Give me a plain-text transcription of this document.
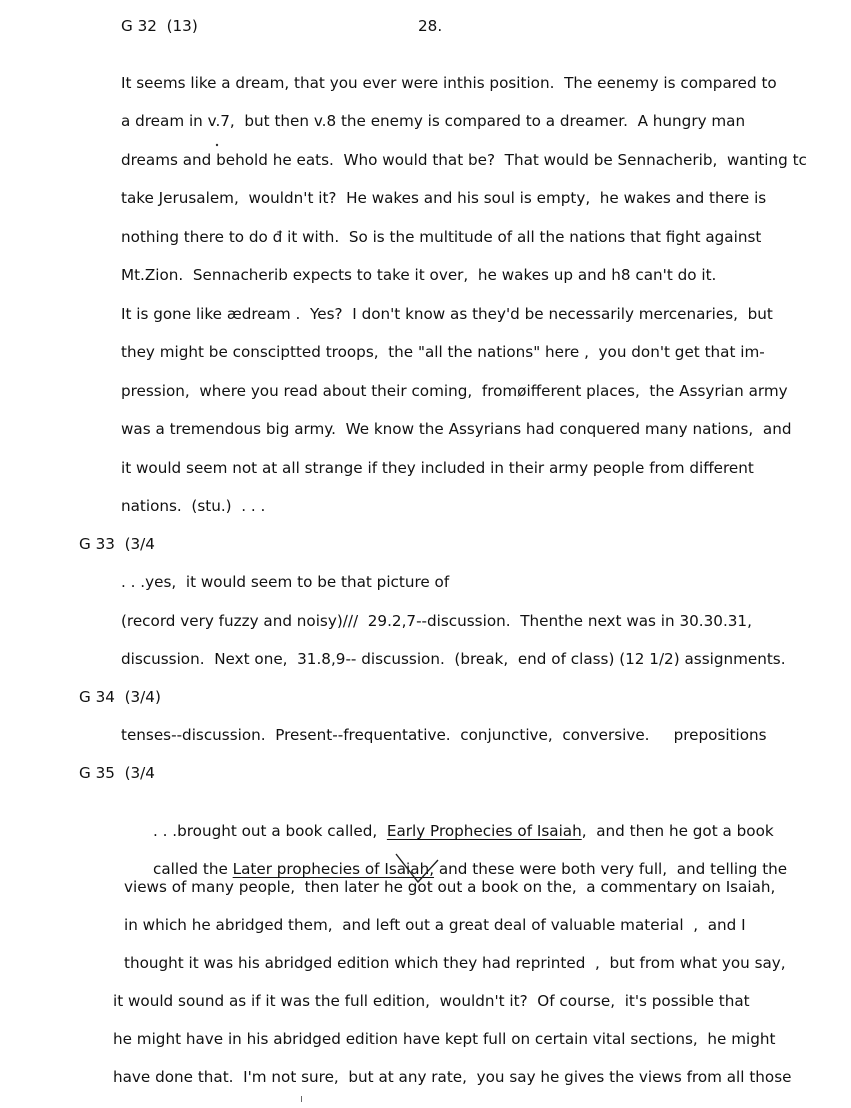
G 32  (13)	28.
It seems like a dream, that you ever were inthis position.  The eenemy is compared to
a dream in v.7,  but then v.8 the enemy is compared to a dreamer.  A hungry man
dreams and behold he eats.  Who would that be?  That would be Sennacherib,  wanting tc
take Jerusalem,  wouldn't it?  He wakes and his soul is empty,  he wakes and there is
nothing there to do đ it with.  So is the multitude of all the nations that fight against
Mt.Zion.  Sennacherib expects to take it over,  he wakes up and h8 can't do it.
It is gone like ædream .  Yes?  I don't know as they'd be necessarily mercenaries,  but
they might be consciptted troops,  the "all the nations" here ,  you don't get that im-
pression,  where you read about their coming,  fromøifferent places,  the Assyrian army
was a tremendous big army.  We know the Assyrians had conquered many nations,  and
it would seem not at all strange if they included in their army people from different
nations.  (stu.)  . . .
G 33  (3/4
. . .yes,  it would seem to be that picture of
(record very fuzzy and noisy)∕∕/  29.2,7--discussion.  Thenthe next was in 30.30.31,
discussion.  Next one,  31.8,9-- discussion.  (break,  end of class) (12 1/2) assignments.
G 34  (3/4)
tenses--discussion.  Present--frequentative.  conjunctive,  conversive.     prepositions
G 35  (3/4

. . .brought out a book called,  Early Prophecies of Isaiah,  and then he got a book

called the Later prophecies of Isaiah, and these were both very full,  and telling the

views of many people,  then later he got out a book on the,  a commentary on Isaiah,
in which he abridged them,  and left out a great deal of valuable material  ,  and I
thought it was his abridged edition which they had reprinted  ,  but from what you say,
it would sound as if it was the full edition,  wouldn't it?  Of course,  it's possible that
he might have in his abridged edition have kept full on certain vital sections,  he might
have done that.  I'm not sure,  but at any rate,  you say he gives the views from all those
